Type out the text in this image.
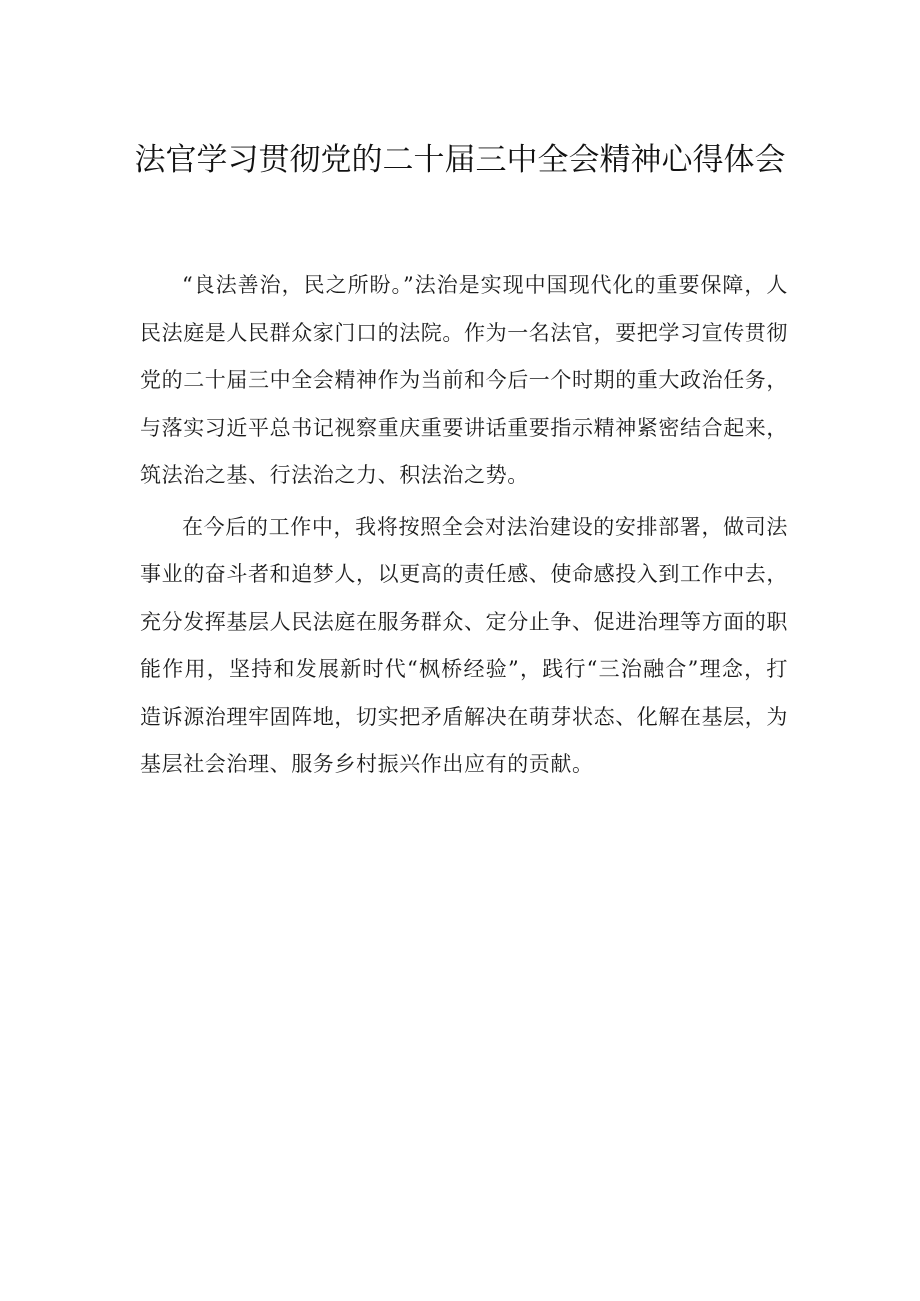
法官学习贯彻党的二十届三中全会精神心得体会

“良法善治，民之所盼。”法治是实现中国现代化的重要保障，人民法庭是人民群众家门口的法院。作为一名法官，要把学习宣传贯彻党的二十届三中全会精神作为当前和今后一个时期的重大政治任务，与落实习近平总书记视察重庆重要讲话重要指示精神紧密结合起来，筑法治之基、行法治之力、积法治之势。

在今后的工作中，我将按照全会对法治建设的安排部署，做司法事业的奋斗者和追梦人，以更高的责任感、使命感投入到工作中去，充分发挥基层人民法庭在服务群众、定分止争、促进治理等方面的职能作用，坚持和发展新时代“枫桥经验”，践行“三治融合”理念，打造诉源治理牢固阵地，切实把矛盾解决在萌芽状态、化解在基层，为基层社会治理、服务乡村振兴作出应有的贡献。
